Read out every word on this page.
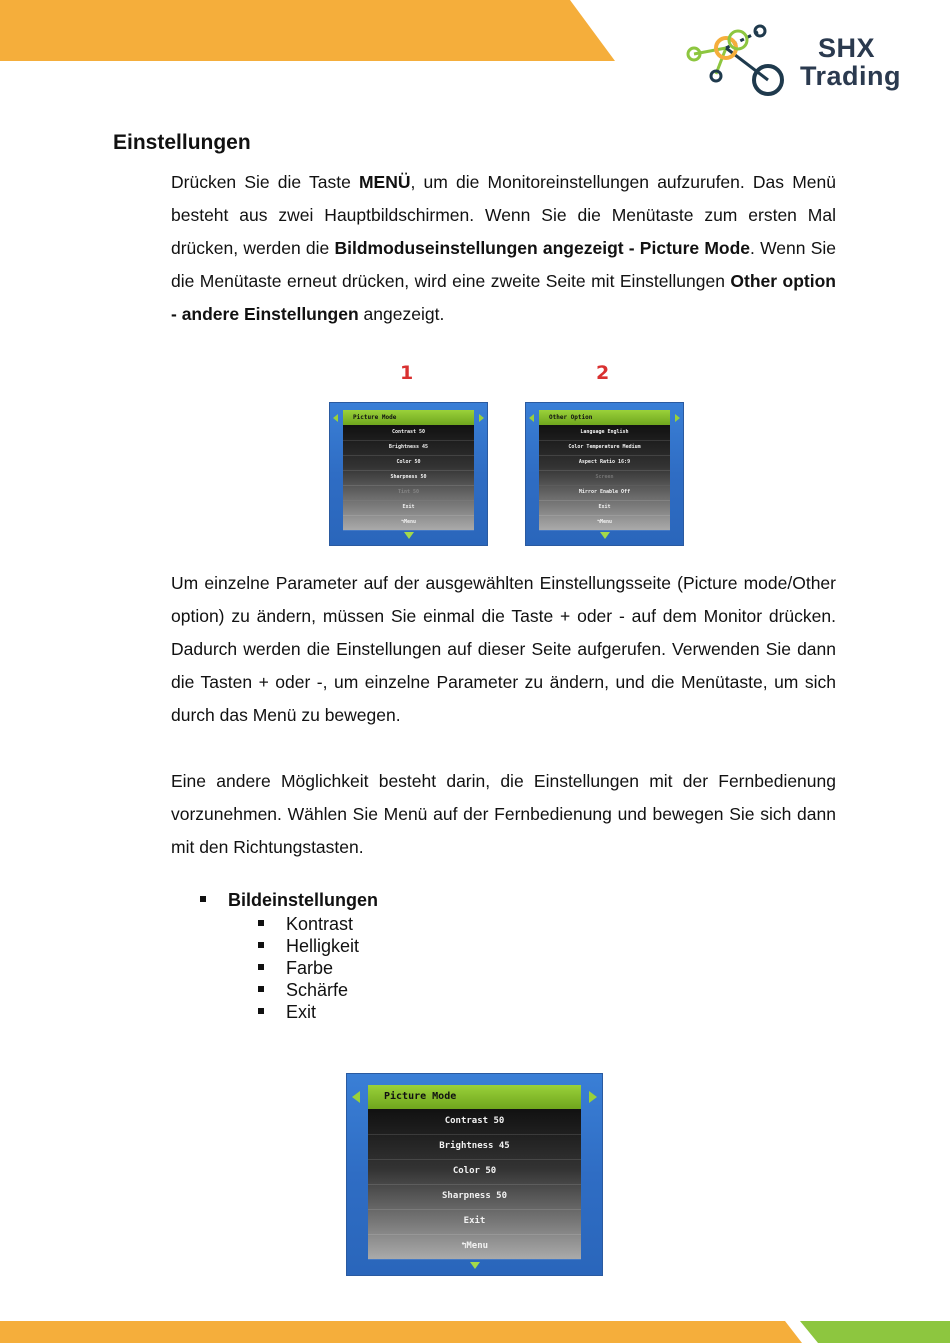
SHX
Trading
Einstellungen

Drücken Sie die Taste MENÜ, um die Monitoreinstellungen aufzurufen. Das Menü besteht aus zwei Hauptbildschirmen. Wenn Sie die Menütaste zum ersten Mal drücken, werden die Bildmoduseinstellungen angezeigt - Picture Mode. Wenn Sie die Menütaste erneut drücken, wird eine zweite Seite mit Einstellungen Other option - andere Einstellungen angezeigt.

1	2
Contrast 50
Brightness 45
Color 50
Sharpness 50
Tint 50
Exit
↰Menu
Picture Mode
Language English
Color Temperature Medium
Aspect Ratio 16:9
Screen
Mirror Enable Off
Exit
↰Menu
Other Option

Um einzelne Parameter auf der ausgewählten Einstellungsseite (Picture mode/Other option) zu ändern, müssen Sie einmal die Taste + oder - auf dem Monitor drücken. Dadurch werden die Einstellungen auf dieser Seite aufgerufen. Verwenden Sie dann die Tasten + oder -, um einzelne Parameter zu ändern, und die Menütaste, um sich durch das Menü zu bewegen.

Eine andere Möglichkeit besteht darin, die Einstellungen mit der Fernbedienung vorzunehmen. Wählen Sie Menü auf der Fernbedienung und bewegen Sie sich dann mit den Richtungstasten.

Bildeinstellungen
Kontrast
Helligkeit
Farbe
Schärfe
Exit
Contrast 50
Brightness 45
Color 50
Sharpness 50
Exit
↰Menu
Picture Mode
